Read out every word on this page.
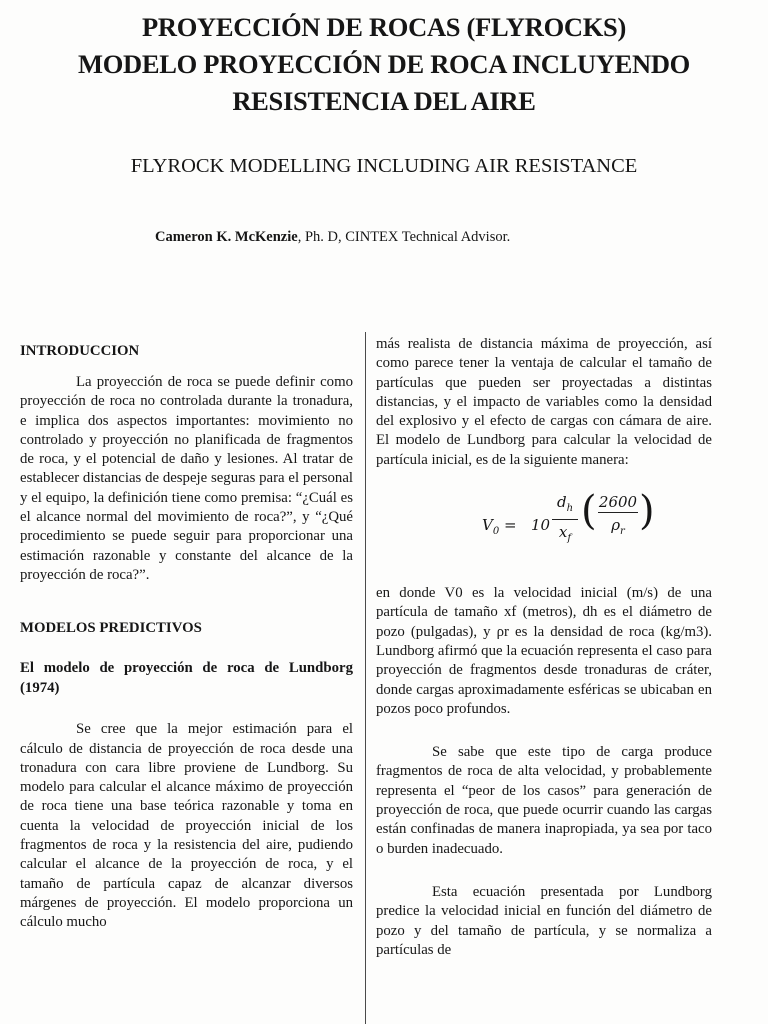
PROYECCIÓN DE ROCAS (FLYROCKS)
MODELO PROYECCIÓN DE ROCA INCLUYENDO
RESISTENCIA DEL AIRE
FLYROCK MODELLING INCLUDING AIR RESISTANCE
Cameron K. McKenzie, Ph. D, CINTEX Technical Advisor.
INTRODUCCION

La proyección de roca se puede definir como proyección de roca no controlada durante la tronadura, e implica dos aspectos importantes: movimiento no controlado y proyección no planificada de fragmentos de roca, y el potencial de daño y lesiones. Al tratar de establecer distancias de despeje seguras para el personal y el equipo, la definición tiene como premisa: “¿Cuál es el alcance normal del movimiento de roca?”, y “¿Qué procedimiento se puede seguir para proporcionar una estimación razonable y constante del alcance de la proyección de roca?”.

MODELOS PREDICTIVOS
El modelo de proyección de roca de Lundborg (1974)

Se cree que la mejor estimación para el cálculo de distancia de proyección de roca desde una tronadura con cara libre proviene de Lundborg. Su modelo para calcular el alcance máximo de proyección de roca tiene una base teórica razonable y toma en cuenta la velocidad de proyección inicial de los fragmentos de roca y la resistencia del aire, pudiendo calcular el alcance de la proyección de roca, y el tamaño de partícula capaz de alcanzar diversos márgenes de proyección. El modelo proporciona un cálculo mucho

más realista de distancia máxima de proyección, así como parece tener la ventaja de calcular el tamaño de partículas que pueden ser proyectadas a distintas distancias, y el impacto de variables como la densidad del explosivo y el efecto de cargas con cámara de aire. El modelo de Lundborg para calcular la velocidad de partícula inicial, es de la siguiente manera:

$V_0 = 10 \frac{d_h}{x_f}$ ( $\frac{2600}{\rho_r}$ )

en donde V0 es la velocidad inicial (m/s) de una partícula de tamaño xf (metros), dh es el diámetro de pozo (pulgadas), y ρr es la densidad de roca (kg/m3). Lundborg afirmó que la ecuación representa el caso para proyección de fragmentos desde tronaduras de cráter, donde cargas aproximadamente esféricas se ubicaban en pozos poco profundos.

Se sabe que este tipo de carga produce fragmentos de roca de alta velocidad, y probablemente representa el “peor de los casos” para generación de proyección de roca, que puede ocurrir cuando las cargas están confinadas de manera inapropiada, ya sea por taco o burden inadecuado.

Esta ecuación presentada por Lundborg predice la velocidad inicial en función del diámetro de pozo y del tamaño de partícula, y se normaliza a partículas de
